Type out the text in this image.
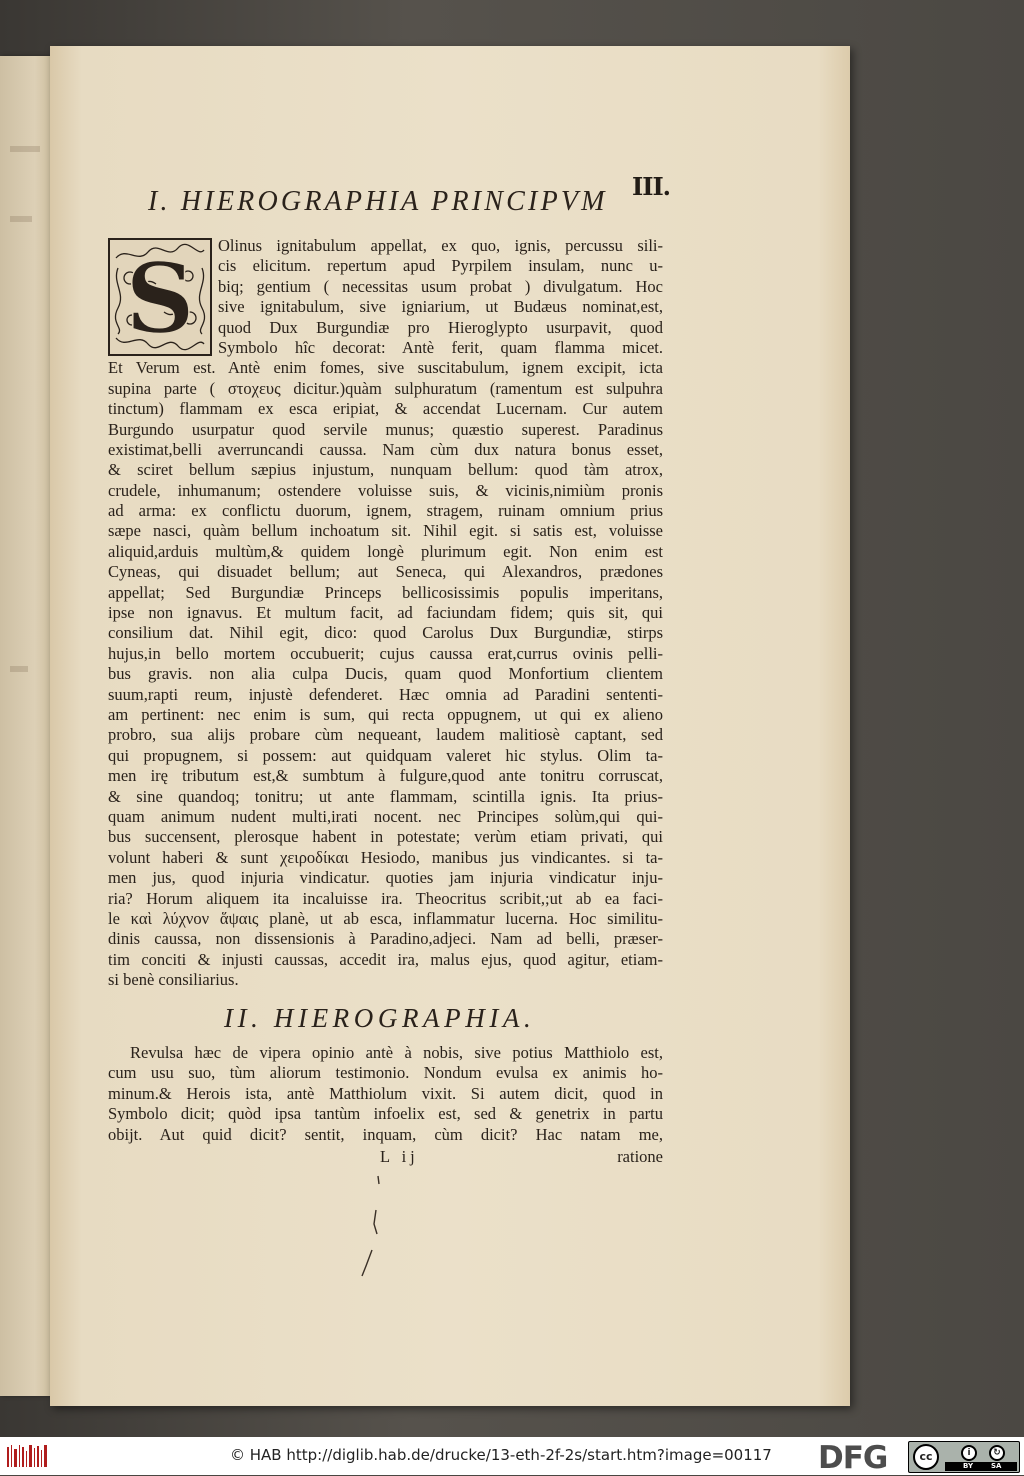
III.
I. HIEROGRAPHIA PRINCIPVM
S	Olinus ignitabulum appellat, ex quo, ignis, percussu sili-
cis elicitum. repertum apud Pyrpilem insulam, nunc u-
biq; gentium ( necessitas usum probat ) divulgatum. Hoc
sive ignitabulum, sive igniarium, ut Budæus nominat,est,
quod Dux Burgundiæ pro Hieroglypto usurpavit, quod
Symbolo hîc decorat: Antè ferit, quam flamma micet.
Et Verum est. Antè enim fomes, sive suscitabulum, ignem excipit, icta
supina parte ( στοχευς dicitur.)quàm sulphuratum (ramentum est sulpuhra
tinctum) flammam ex esca eripiat, & accendat Lucernam. Cur autem
Burgundo usurpatur quod servile munus; quæstio superest. Paradinus
existimat,belli averruncandi caussa. Nam cùm dux natura bonus esset,
& sciret bellum sæpius injustum, nunquam bellum: quod tàm atrox,
crudele, inhumanum; ostendere voluisse suis, & vicinis,nimiùm pronis
ad arma: ex conflictu duorum, ignem, stragem, ruinam omnium prius
sæpe nasci, quàm bellum inchoatum sit. Nihil egit. si satis est, voluisse
aliquid,arduis multùm,& quidem longè plurimum egit. Non enim est
Cyneas, qui disuadet bellum; aut Seneca, qui Alexandros, prædones
appellat; Sed Burgundiæ Princeps bellicosissimis populis imperitans,
ipse non ignavus. Et multum facit, ad faciundam fidem; quis sit, qui
consilium dat. Nihil egit, dico: quod Carolus Dux Burgundiæ, stirps
hujus,in bello mortem occubuerit; cujus caussa erat,currus ovinis pelli-
bus gravis. non alia culpa Ducis, quam quod Monfortium clientem
suum,rapti reum, injustè defenderet. Hæc omnia ad Paradini sententi-
am pertinent: nec enim is sum, qui recta oppugnem, ut qui ex alieno
probro, sua alijs probare cùm nequeant, laudem malitiosè captant, sed
qui propugnem, si possem: aut quidquam valeret hic stylus. Olim ta-
men irę tributum est,& sumbtum à fulgure,quod ante tonitru corruscat,
& sine quandoq; tonitru; ut ante flammam, scintilla ignis. Ita prius-
quam animum nudent multi,irati nocent. nec Principes solùm,qui qui-
bus succensent, plerosque habent in potestate; verùm etiam privati, qui
volunt haberi & sunt χειροδίκαι Hesiodo, manibus jus vindicantes. si ta-
men jus, quod injuria vindicatur. quoties jam injuria vindicatur inju-
ria? Horum aliquem ita incaluisse ira. Theocritus scribit,;ut ab ea faci-
le καὶ λύχνον ἅψαις planè, ut ab esca, inflammatur lucerna. Hoc similitu-
dinis caussa, non dissensionis à Paradino,adjeci. Nam ad belli, præser-
tim conciti & injusti caussas, accedit ira, malus ejus, quod agitur, etiam-
si benè consiliarius.
II. HIEROGRAPHIA.
Revulsa hæc de vipera opinio antè à nobis, sive potius Matthiolo est,
cum usu suo, tùm aliorum testimonio. Nondum evulsa ex animis ho-
minum.& Herois ista, antè Matthiolum vixit. Si autem dicit, quod in
Symbolo dicit; quòd ipsa tantùm infoelix est, sed & genetrix in partu
obijt. Aut quid dicit? sentit, inquam, cùm dicit? Hac natam me,
L ij	ratione
© HAB http://diglib.hab.de/drucke/13-eth-2f-2s/start.htm?image=00117 DFG	cc	i	↻
BY	SA
